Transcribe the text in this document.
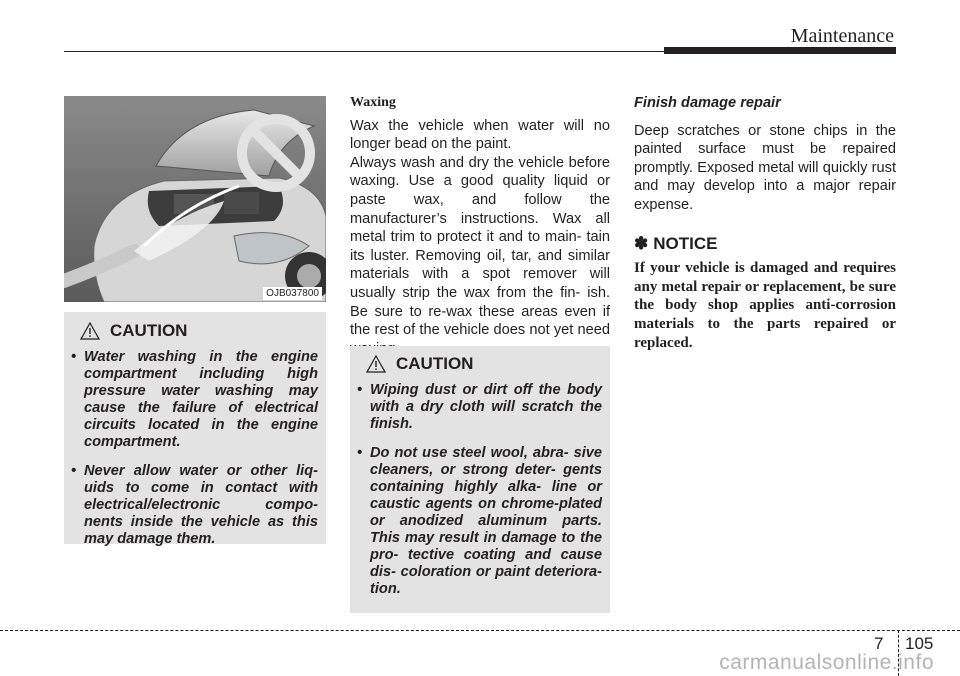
Maintenance
OJB037800
CAUTION
• Water washing in the engine compartment including high pressure water washing may cause the failure of electrical circuits located in the engine compartment.
• Never allow water or other liq- uids to come in contact with electrical/electronic compo- nents inside the vehicle as this may damage them.
Waxing

Wax the vehicle when water will no longer bead on the paint.

Always wash and dry the vehicle before waxing. Use a good quality liquid or paste wax, and follow the manufacturer’s instructions. Wax all metal trim to protect it and to main- tain its luster. Removing oil, tar, and similar materials with a spot remover will usually strip the wax from the fin- ish. Be sure to re-wax these areas even if the rest of the vehicle does not yet need

CAUTION
• Wiping dust or dirt off the body with a dry cloth will scratch the finish.
• Do not use steel wool, abra- sive cleaners, or strong deter- gents containing highly alka- line or caustic agents on chrome-plated or anodized aluminum parts. This may result in damage to the pro- tective coating and cause dis- coloration or paint deteriora- tion.
Finish damage repair

Deep scratches or stone chips in the painted surface must be repaired promptly. Exposed metal will quickly rust and may develop into a major repair expense.

✽ NOTICE
If your vehicle is damaged and requires any metal repair or replacement, be sure the body shop applies anti-corrosion materials to the parts repaired or replaced.
7 105
carmanualsonline.info
